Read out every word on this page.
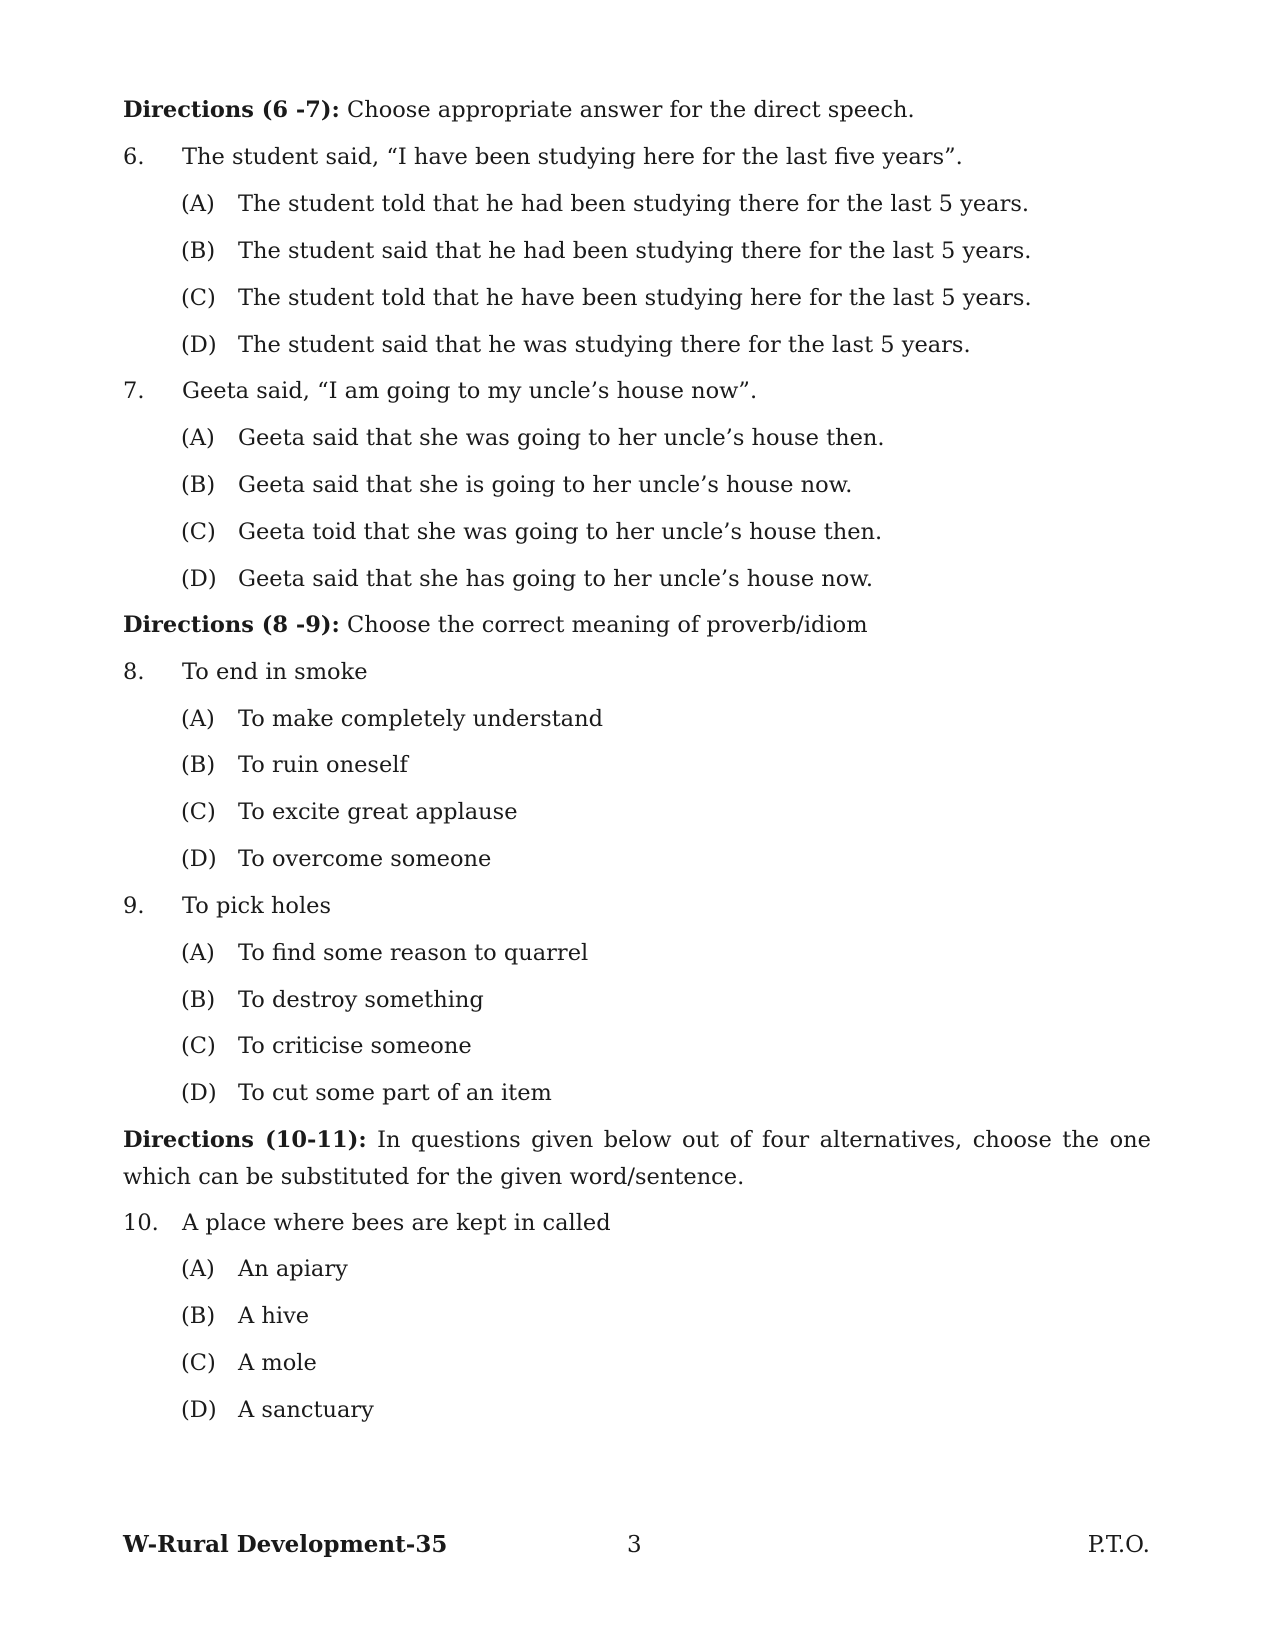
Directions (6 -7): Choose appropriate answer for the direct speech.
6. The student said, “I have been studying here for the last five years”.
(A) The student told that he had been studying there for the last 5 years.
(B) The student said that he had been studying there for the last 5 years.
(C) The student told that he have been studying here for the last 5 years.
(D) The student said that he was studying there for the last 5 years.
7. Geeta said, “I am going to my uncle’s house now”.
(A) Geeta said that she was going to her uncle’s house then.
(B) Geeta said that she is going to her uncle’s house now.
(C) Geeta toid that she was going to her uncle’s house then.
(D) Geeta said that she has going to her uncle’s house now.
Directions (8 -9): Choose the correct meaning of proverb/idiom
8. To end in smoke
(A) To make completely understand
(B) To ruin oneself
(C) To excite great applause
(D) To overcome someone
9. To pick holes
(A) To find some reason to quarrel
(B) To destroy something
(C) To criticise someone
(D) To cut some part of an item
Directions (10-11): In questions given below out of four alternatives, choose the one which can be substituted for the given word/sentence.
10. A place where bees are kept in called
(A) An apiary
(B) A hive
(C) A mole
(D) A sanctuary
W-Rural Development-35	3	P.T.O.
